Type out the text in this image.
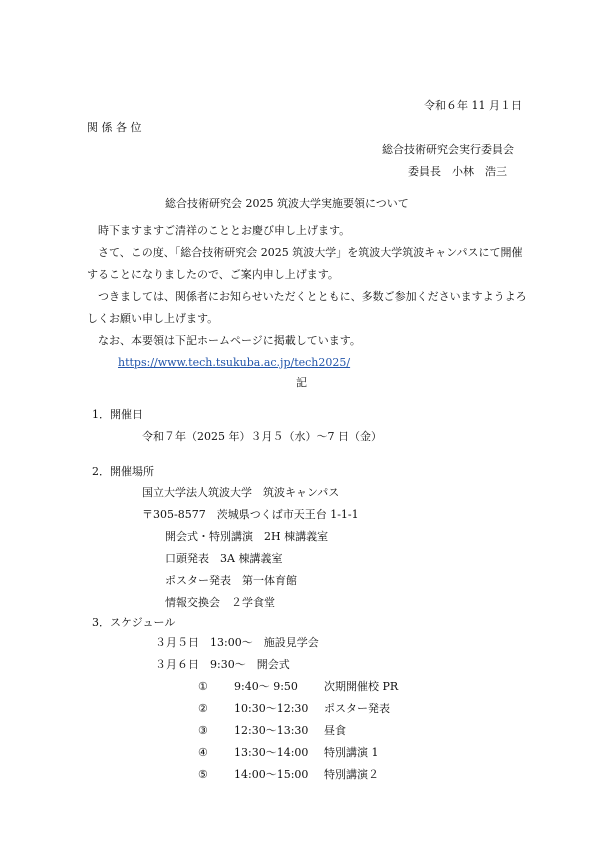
令和６年 11 月１日
関 係 各 位
総合技術研究会実行委員会
委員長　小林　浩三
総合技術研究会 2025 筑波大学実施要領について

時下ますますご清祥のこととお慶び申し上げます。

さて、この度、「総合技術研究会 2025 筑波大学」を筑波大学筑波キャンパスにて開催することになりましたので、ご案内申し上げます。

つきましては、関係者にお知らせいただくとともに、多数ご参加くださいますようよろしくお願い申し上げます。

なお、本要領は下記ホームページに掲載しています。

https://www.tech.tsukuba.ac.jp/tech2025/

記
1．開催日
令和７年（2025 年）３月５（水）～7 日（金）
2．開催場所
国立大学法人筑波大学　筑波キャンパス
〒305-8577　茨城県つくば市天王台 1-1-1
開会式・特別講演　2H 棟講義室
口頭発表　3A 棟講義室
ポスター発表　第一体育館
情報交換会　２学食堂
3．スケジュール
３月５日　13:00～　施設見学会
３月６日　9:30～　開会式
① 9:40～ 9:50 次期開催校 PR
② 10:30～12:30 ポスター発表
③ 12:30～13:30 昼食
④ 13:30～14:00 特別講演 1
⑤ 14:00～15:00 特別講演２
